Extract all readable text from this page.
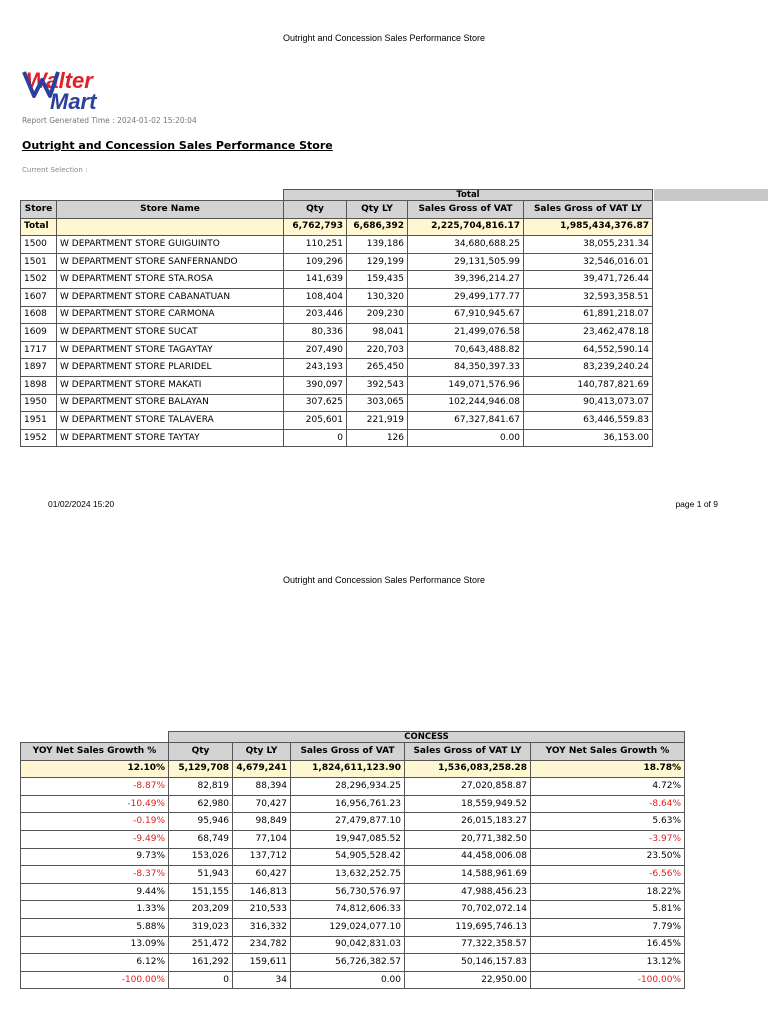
Outright and Concession Sales Performance Store
Walter
Mart
Report Generated Time : 2024-01-02 15:20:04
Outright and Concession Sales Performance Store
Current Selection :
		Total			
Store	Store Name	Qty	Qty LY	Sales Gross of VAT	Sales Gross of VAT LY
Total		6,762,793	6,686,392	2,225,704,816.17	1,985,434,376.87
1500	W DEPARTMENT STORE GUIGUINTO	110,251	139,186	34,680,688.25	38,055,231.34
1501	W DEPARTMENT STORE SANFERNANDO	109,296	129,199	29,131,505.99	32,546,016.01
1502	W DEPARTMENT STORE STA.ROSA	141,639	159,435	39,396,214.27	39,471,726.44
1607	W DEPARTMENT STORE CABANATUAN	108,404	130,320	29,499,177.77	32,593,358.51
1608	W DEPARTMENT STORE CARMONA	203,446	209,230	67,910,945.67	61,891,218.07
1609	W DEPARTMENT STORE SUCAT	80,336	98,041	21,499,076.58	23,462,478.18
1717	W DEPARTMENT STORE TAGAYTAY	207,490	220,703	70,643,488.82	64,552,590.14
1897	W DEPARTMENT STORE PLARIDEL	243,193	265,450	84,350,397.33	83,239,240.24
1898	W DEPARTMENT STORE MAKATI	390,097	392,543	149,071,576.96	140,787,821.69
1950	W DEPARTMENT STORE BALAYAN	307,625	303,065	102,244,946.08	90,413,073.07
1951	W DEPARTMENT STORE TALAVERA	205,601	221,919	67,327,841.67	63,446,559.83
1952	W DEPARTMENT STORE TAYTAY	0	126	0.00	36,153.00
01/02/2024 15:20	page 1 of 9
Outright and Concession Sales Performance Store
	CONCESS				
YOY Net Sales Growth %	Qty	Qty LY	Sales Gross of VAT	Sales Gross of VAT LY	YOY Net Sales Growth %
12.10%	5,129,708	4,679,241	1,824,611,123.90	1,536,083,258.28	18.78%
-8.87%	82,819	88,394	28,296,934.25	27,020,858.87	4.72%
-10.49%	62,980	70,427	16,956,761.23	18,559,949.52	-8.64%
-0.19%	95,946	98,849	27,479,877.10	26,015,183.27	5.63%
-9.49%	68,749	77,104	19,947,085.52	20,771,382.50	-3.97%
9.73%	153,026	137,712	54,905,528.42	44,458,006.08	23.50%
-8.37%	51,943	60,427	13,632,252.75	14,588,961.69	-6.56%
9.44%	151,155	146,813	56,730,576.97	47,988,456.23	18.22%
1.33%	203,209	210,533	74,812,606.33	70,702,072.14	5.81%
5.88%	319,023	316,332	129,024,077.10	119,695,746.13	7.79%
13.09%	251,472	234,782	90,042,831.03	77,322,358.57	16.45%
6.12%	161,292	159,611	56,726,382.57	50,146,157.83	13.12%
-100.00%	0	34	0.00	22,950.00	-100.00%
